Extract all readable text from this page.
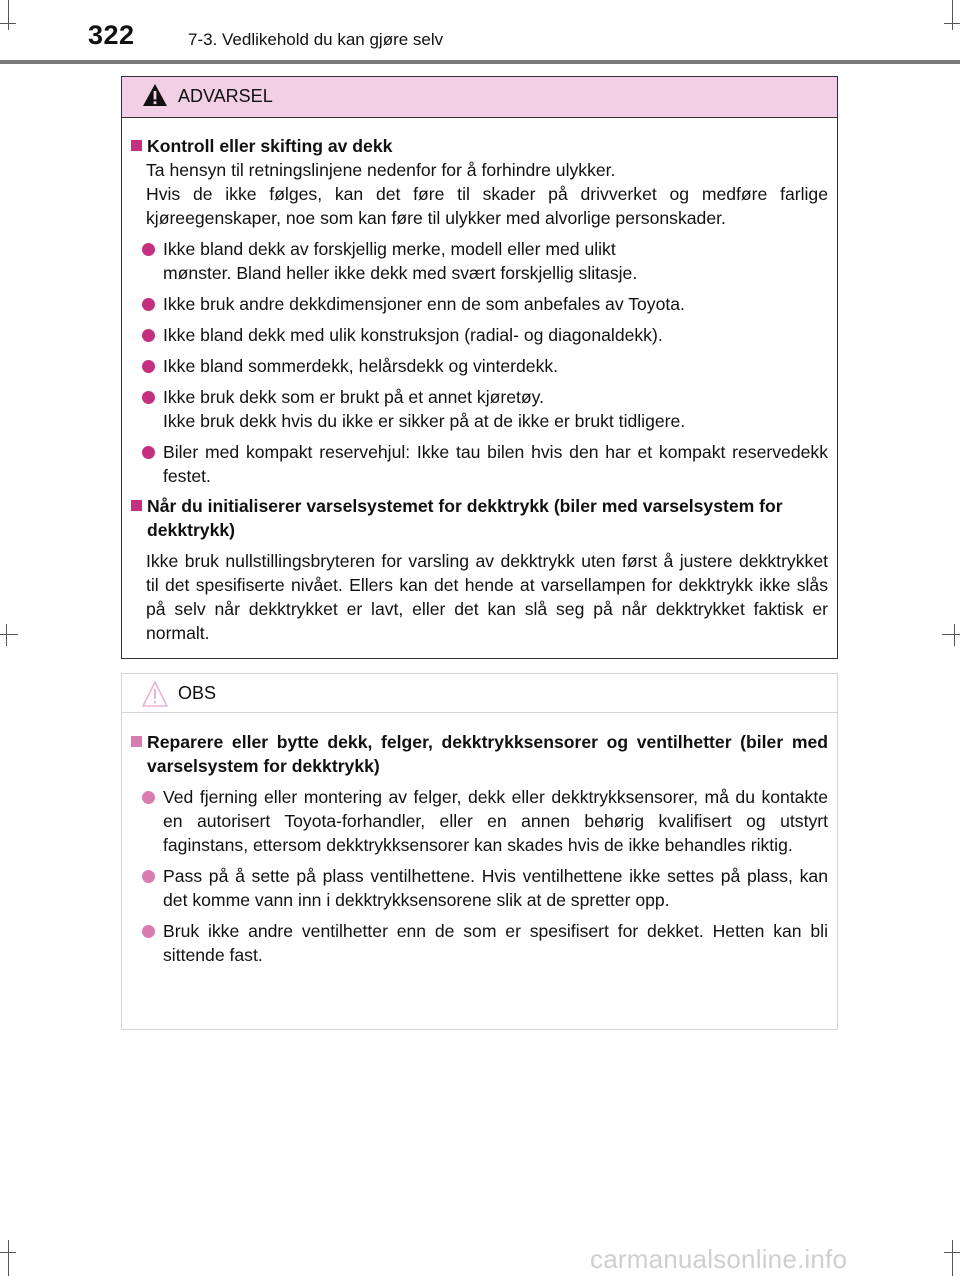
322	7-3. Vedlikehold du kan gjøre selv
ADVARSEL
Kontroll eller skifting av dekk
Ta hensyn til retningslinjene nedenfor for å forhindre ulykker.
Hvis de ikke følges, kan det føre til skader på drivverket og medføre farlige kjøreegenskaper, noe som kan føre til ulykker med alvorlige personskader.
Ikke bland dekk av forskjellig merke, modell eller med ulikt
mønster. Bland heller ikke dekk med svært forskjellig slitasje.
Ikke bruk andre dekkdimensjoner enn de som anbefales av Toyota.
Ikke bland dekk med ulik konstruksjon (radial- og diagonaldekk).
Ikke bland sommerdekk, helårsdekk og vinterdekk.
Ikke bruk dekk som er brukt på et annet kjøretøy.
Ikke bruk dekk hvis du ikke er sikker på at de ikke er brukt tidligere.
Biler med kompakt reservehjul: Ikke tau bilen hvis den har et kompakt reservedekk festet.
Når du initialiserer varselsystemet for dekktrykk (biler med varselsystem for dekktrykk)
Ikke bruk nullstillingsbryteren for varsling av dekktrykk uten først å justere dekktrykket til det spesifiserte nivået. Ellers kan det hende at varsellampen for dekktrykk ikke slås på selv når dekktrykket er lavt, eller det kan slå seg på når dekktrykket faktisk er normalt.
OBS
Reparere eller bytte dekk, felger, dekktrykksensorer og ventilhetter (biler med varselsystem for dekktrykk)
Ved fjerning eller montering av felger, dekk eller dekktrykksensorer, må du kontakte en autorisert Toyota-forhandler, eller en annen behørig kvalifisert og utstyrt faginstans, ettersom dekktrykksensorer kan skades hvis de ikke behandles riktig.
Pass på å sette på plass ventilhettene. Hvis ventilhettene ikke settes på plass, kan det komme vann inn i dekktrykksensorene slik at de spretter opp.
Bruk ikke andre ventilhetter enn de som er spesifisert for dekket. Hetten kan bli sittende fast.
carmanualsonline.info
